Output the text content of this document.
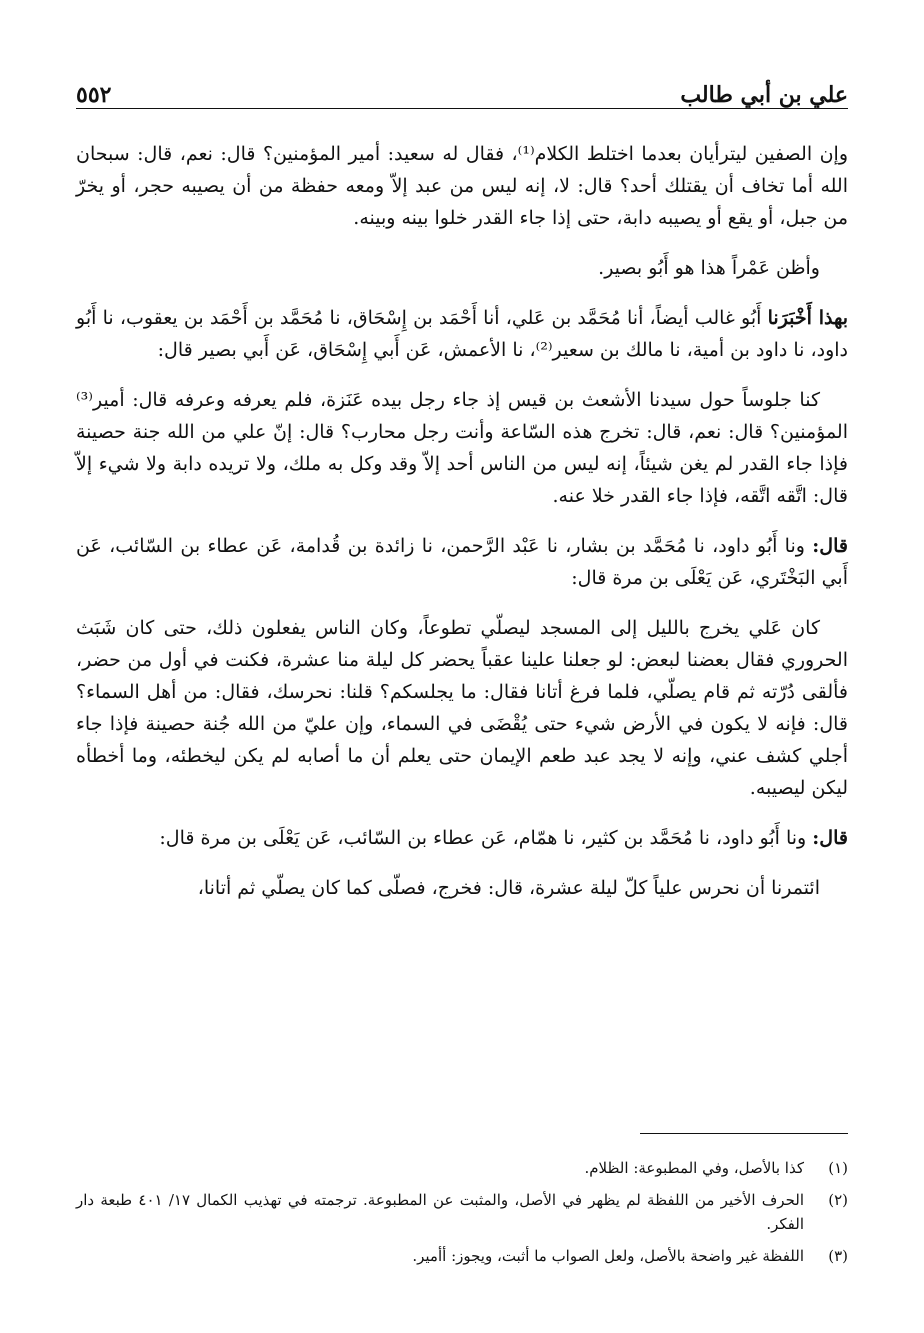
علي بن أبي طالب
٥٥٢

وإن الصفين ليترأيان بعدما اختلط الكلام⁽¹⁾، فقال له سعيد: أمير المؤمنين؟ قال: نعم، قال: سبحان الله أما تخاف أن يقتلك أحد؟ قال: لا، إنه ليس من عبد إلاّ ومعه حفظة من أن يصيبه حجر، أو يخرّ من جبل، أو يقع أو يصيبه دابة، حتى إذا جاء القدر خلوا بينه وبينه.

وأظن عَمْراً هذا هو أَبُو بصير.

بهذا أَخْبَرَنا أَبُو غالب أيضاً، أنا مُحَمَّد بن عَلي، أنا أَحْمَد بن إِسْحَاق، نا مُحَمَّد بن أَحْمَد بن يعقوب، نا أَبُو داود، نا داود بن أمية، نا مالك بن سعير⁽²⁾، نا الأعمش، عَن أَبي إِسْحَاق، عَن أَبي بصير قال:

كنا جلوساً حول سيدنا الأشعث بن قيس إذ جاء رجل بيده عَنَزة، فلم يعرفه وعرفه قال: أمير⁽³⁾ المؤمنين؟ قال: نعم، قال: تخرج هذه السّاعة وأنت رجل محارب؟ قال: إنّ علي من الله جنة حصينة فإذا جاء القدر لم يغن شيئاً، إنه ليس من الناس أحد إلاّ وقد وكل به ملك، ولا تريده دابة ولا شيء إلاّ قال: اتَّقه اتَّقه، فإذا جاء القدر خلا عنه.

قال: ونا أَبُو داود، نا مُحَمَّد بن بشار، نا عَبْد الرَّحمن، نا زائدة بن قُدامة، عَن عطاء بن السّائب، عَن أَبي البَخْتَري، عَن يَعْلَى بن مرة قال:

كان عَلي يخرج بالليل إلى المسجد ليصلّي تطوعاً، وكان الناس يفعلون ذلك، حتى كان شَبَث الحروري فقال بعضنا لبعض: لو جعلنا علينا عقباً يحضر كل ليلة منا عشرة، فكنت في أول من حضر، فألقى دُرّته ثم قام يصلّي، فلما فرغ أتانا فقال: ما يجلسكم؟ قلنا: نحرسك، فقال: من أهل السماء؟ قال: فإنه لا يكون في الأرض شيء حتى يُقْضَى في السماء، وإن عليّ من الله جُنة حصينة فإذا جاء أجلي كشف عني، وإنه لا يجد عبد طعم الإيمان حتى يعلم أن ما أصابه لم يكن ليخطئه، وما أخطأه ليكن ليصيبه.

قال: ونا أَبُو داود، نا مُحَمَّد بن كثير، نا همّام، عَن عطاء بن السّائب، عَن يَعْلَى بن مرة قال:

ائتمرنا أن نحرس علياً كلّ ليلة عشرة، قال: فخرج، فصلّى كما كان يصلّي ثم أتانا،

(١)
كذا بالأصل، وفي المطبوعة: الظلام.
(٢)
الحرف الأخير من اللفظة لم يظهر في الأصل، والمثبت عن المطبوعة. ترجمته في تهذيب الكمال ١٧/ ٤٠١ طبعة دار الفكر.
(٣)
اللفظة غير واضحة بالأصل، ولعل الصواب ما أثبت، ويجوز: أأمير.
